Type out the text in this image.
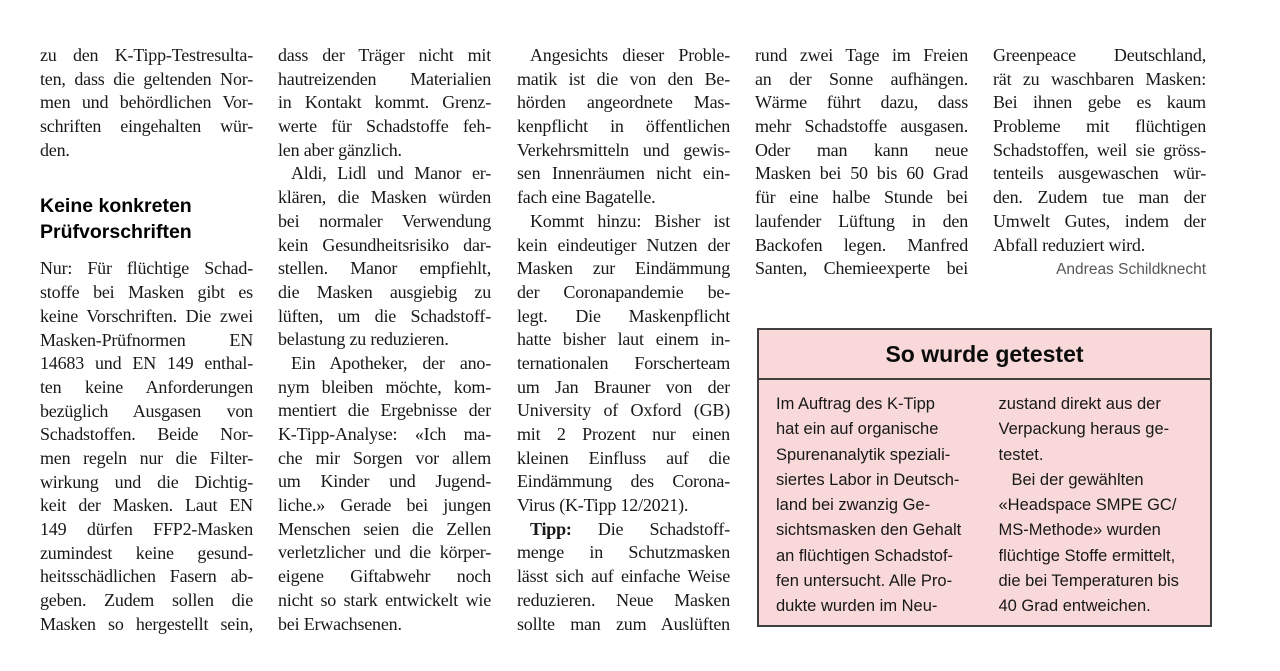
zu den K-Tipp-Testresulta-
ten, dass die geltenden Nor-
men und behördlichen Vor-
schriften eingehalten wür-
den.
Keine konkreten
Prüfvorschriften
Nur: Für flüchtige Schad-
stoffe bei Masken gibt es
keine Vorschriften. Die zwei
Masken-Prüfnormen EN
14683 und EN 149 enthal-
ten keine Anforderungen
bezüglich Ausgasen von
Schadstoffen. Beide Nor-
men regeln nur die Filter-
wirkung und die Dichtig-
keit der Masken. Laut EN
149 dürfen FFP2-Masken
zumindest keine gesund-
heitsschädlichen Fasern ab-
geben. Zudem sollen die
Masken so hergestellt sein,
dass der Träger nicht mit
hautreizenden Materialien
in Kontakt kommt. Grenz-
werte für Schadstoffe feh-
len aber gänzlich.
Aldi, Lidl und Manor er-
klären, die Masken würden
bei normaler Verwendung
kein Gesundheitsrisiko dar-
stellen. Manor empfiehlt,
die Masken ausgiebig zu
lüften, um die Schadstoff-
belastung zu reduzieren.
Ein Apotheker, der ano-
nym bleiben möchte, kom-
mentiert die Ergebnisse der
K-Tipp-Analyse: «Ich ma-
che mir Sorgen vor allem
um Kinder und Jugend-
liche.» Gerade bei jungen
Menschen seien die Zellen
verletzlicher und die körper-
eigene Giftabwehr noch
nicht so stark entwickelt wie
bei Erwachsenen.
Angesichts dieser Proble-
matik ist die von den Be-
hörden angeordnete Mas-
kenpflicht in öffentlichen
Verkehrsmitteln und gewis-
sen Innenräumen nicht ein-
fach eine Bagatelle.
Kommt hinzu: Bisher ist
kein eindeutiger Nutzen der
Masken zur Eindämmung
der Coronapandemie be-
legt. Die Maskenpflicht
hatte bisher laut einem in-
ternationalen Forscherteam
um Jan Brauner von der
University of Oxford (GB)
mit 2 Prozent nur einen
kleinen Einfluss auf die
Eindämmung des Corona-
Virus (K-Tipp 12/2021).
Tipp: Die Schadstoff-
menge in Schutzmasken
lässt sich auf einfache Weise
reduzieren. Neue Masken
sollte man zum Auslüften
rund zwei Tage im Freien
an der Sonne aufhängen.
Wärme führt dazu, dass
mehr Schadstoffe ausgasen.
Oder man kann neue
Masken bei 50 bis 60 Grad
für eine halbe Stunde bei
laufender Lüftung in den
Backofen legen. Manfred
Santen, Chemieexperte bei
Greenpeace Deutschland,
rät zu waschbaren Masken:
Bei ihnen gebe es kaum
Probleme mit flüchtigen
Schadstoffen, weil sie gröss-
tenteils ausgewaschen wür-
den. Zudem tue man der
Umwelt Gutes, indem der
Abfall reduziert wird.
Andreas Schildknecht
So wurde getestet
Im Auftrag des K-Tipp
hat ein auf organische
Spurenanalytik speziali-
siertes Labor in Deutsch-
land bei zwanzig Ge-
sichtsmasken den Gehalt
an flüchtigen Schadstof-
fen untersucht. Alle Pro-
dukte wurden im Neu-
zustand direkt aus der
Verpackung heraus ge-
testet.
Bei der gewählten
«Headspace SMPE GC/
MS-Methode» wurden
flüchtige Stoffe ermittelt,
die bei Temperaturen bis
40 Grad entweichen.
